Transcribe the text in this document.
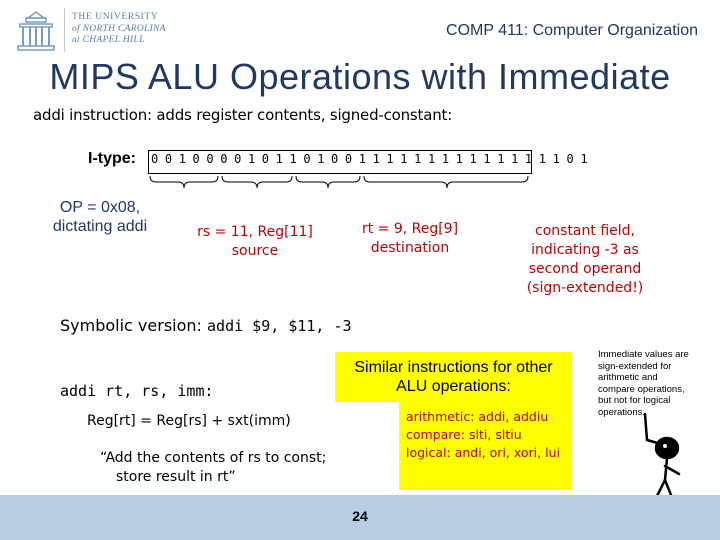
THE UNIVERSITY
of NORTH CAROLINA
at CHAPEL HILL
COMP 411: Computer Organization
MIPS ALU Operations with Immediate
addi instruction: adds register contents, signed-constant:
I-type: 0 0 1 0 0 0 0 1 0 1 1 0 1 0 0 1 1 1 1 1 1 1 1 1 1 1 1 1 1 1 0 1
OP = 0x08,
dictating addi	rs = 11, Reg[11]
source
rt = 9, Reg[9]
destination
constant field,
indicating -3 as
second operand
(sign-extended!)
Symbolic version: addi $9, $11, -3
Similar instructions for other
ALU operations:
arithmetic: addi, addiu
compare: slti, sltiu
logical: andi, ori, xori, lui
addi rt, rs, imm:
Reg[rt] = Reg[rs] + sxt(imm)
“Add the contents of rs to const;
store result in rt”
Immediate values are
sign-extended for
arithmetic and
compare operations,
but not for logical
operations.
24
